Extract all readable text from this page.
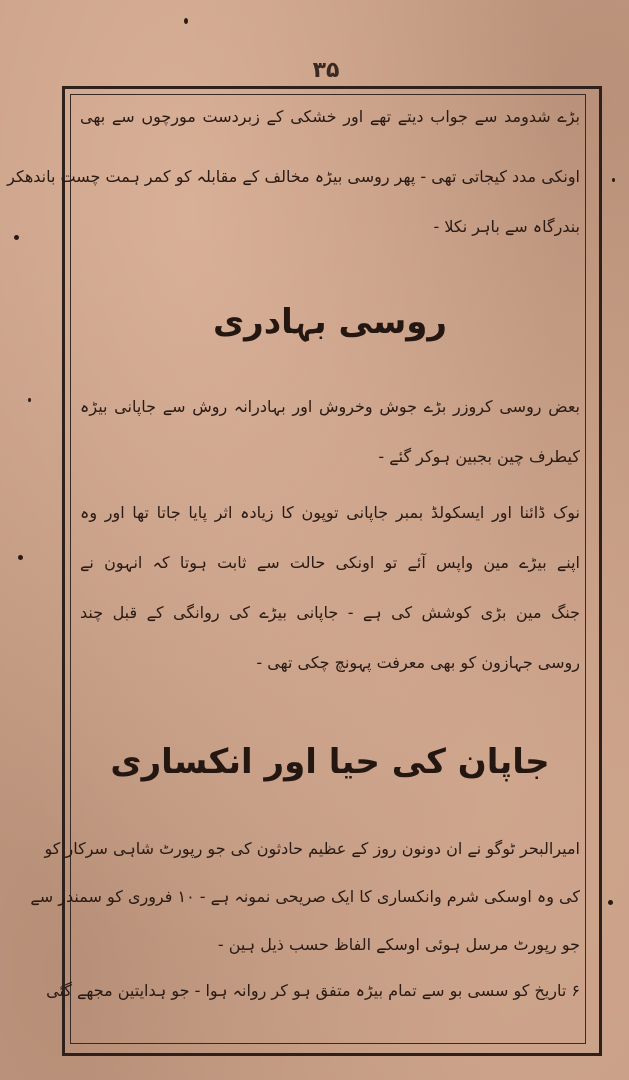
۳۵
بڑے شدومد سے جواب دیتے تھے اور خشکی کے زبردست مورچوں سے بھی
اونکی مدد کیجاتی تھی - پھر روسی بیڑہ مخالف کے مقابلہ کو کمر ہمت چست باندھکر
بندرگاہ سے باہر نکلا -
روسی بہادری
بعض روسی کروزر بڑے جوش وخروش اور بہادرانہ روش سے جاپانی بیڑہ
کیطرف چین بجبین ہوکر گئے -
نوک ڈائنا اور ایسکولڈ بمبر جاپانی توپون کا زیادہ اثر پایا جاتا تھا اور وہ
اپنے بیڑے مین واپس آئے تو اونکی حالت سے ثابت ہوتا کہ انہون نے
جنگ مین بڑی کوشش کی ہے - جاپانی بیڑے کی روانگی کے قبل چند
روسی جہازون کو بھی معرفت پہونچ چکی تھی -
جاپان کی حیا اور انکساری
امیرالبحر ٹوگو نے ان دونون روز کے عظیم حادثون کی جو رپورٹ شاہی سرکار کو
کی وہ اوسکی شرم وانکساری کا ایک صریحی نمونہ ہے - ۱۰ فروری کو سمندر سے
جو رپورٹ مرسل ہوئی اوسکے الفاظ حسب ذیل ہین -
۶ تاریخ کو سسی بو سے تمام بیڑہ متفق ہو کر روانہ ہوا - جو ہدایتین مجھے گئی
